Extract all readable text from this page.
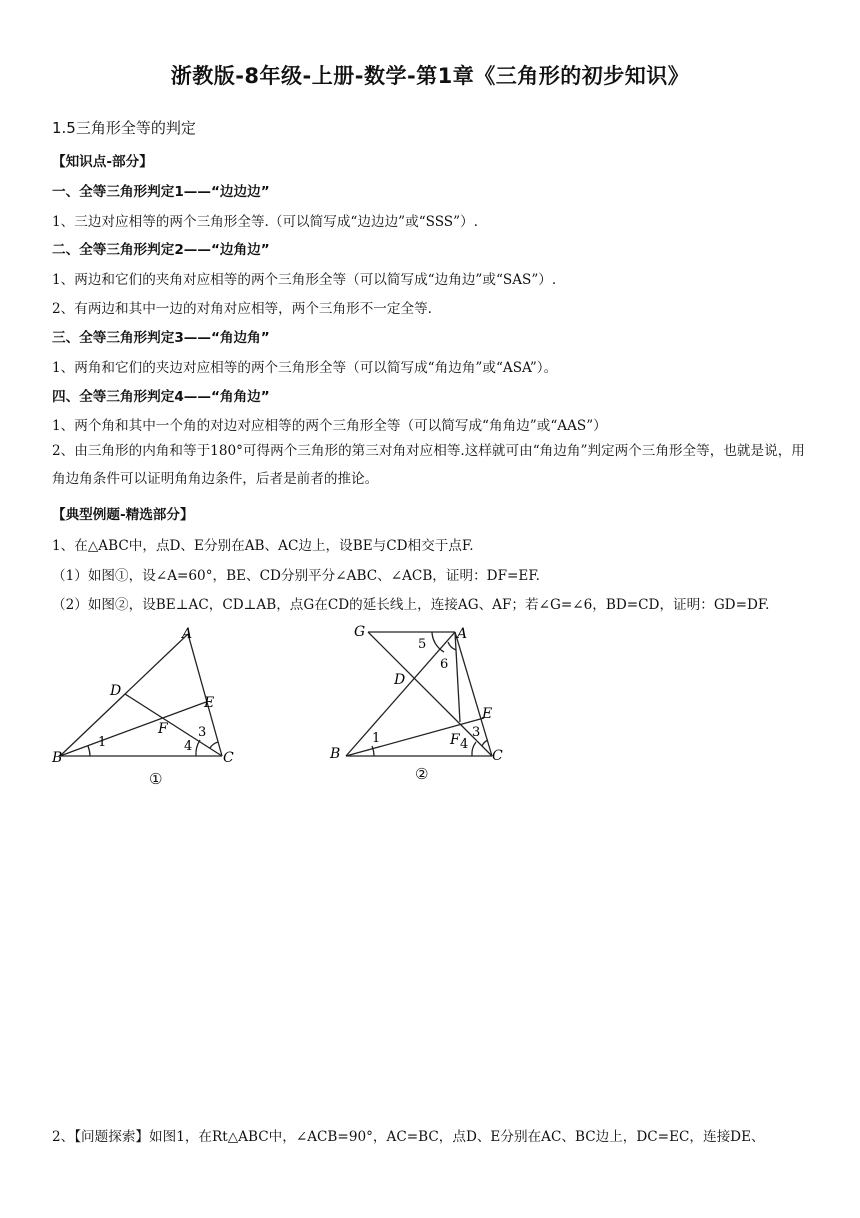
浙教版-8年级-上册-数学-第1章《三角形的初步知识》
1.5三角形全等的判定
【知识点-部分】
一、全等三角形判定1——“边边边”
1、三边对应相等的两个三角形全等.（可以简写成“边边边”或“SSS”）.
二、全等三角形判定2——“边角边”
1、两边和它们的夹角对应相等的两个三角形全等（可以简写成“边角边”或“SAS”）.
2、有两边和其中一边的对角对应相等，两个三角形不一定全等.
三、全等三角形判定3——“角边角”
1、两角和它们的夹边对应相等的两个三角形全等（可以简写成“角边角”或“ASA”）。
四、全等三角形判定4——“角角边”
1、两个角和其中一个角的对边对应相等的两个三角形全等（可以简写成“角角边”或“AAS”）
2、由三角形的内角和等于180°可得两个三角形的第三对角对应相等.这样就可由“角边角”判定两个三角形全等，也就是说，用角边角条件可以证明角角边条件，后者是前者的推论。
【典型例题-精选部分】
1、在△ABC中，点D、E分别在AB、AC边上，设BE与CD相交于点F.
（1）如图①，设∠A=60°，BE、CD分别平分∠ABC、∠ACB，证明：DF=EF.
（2）如图②，设BE⊥AC，CD⊥AB，点G在CD的延长线上，连接AG、AF；若∠G=∠6，BD=CD，证明：GD=DF.
A
B	C
D
E
F
1
3
4
①
G	A
B	C
D
E
F
1	3
4
5
6
②
2、【问题探索】如图1，在Rt△ABC中，∠ACB=90°，AC=BC，点D、E分别在AC、BC边上，DC=EC，连接DE、
